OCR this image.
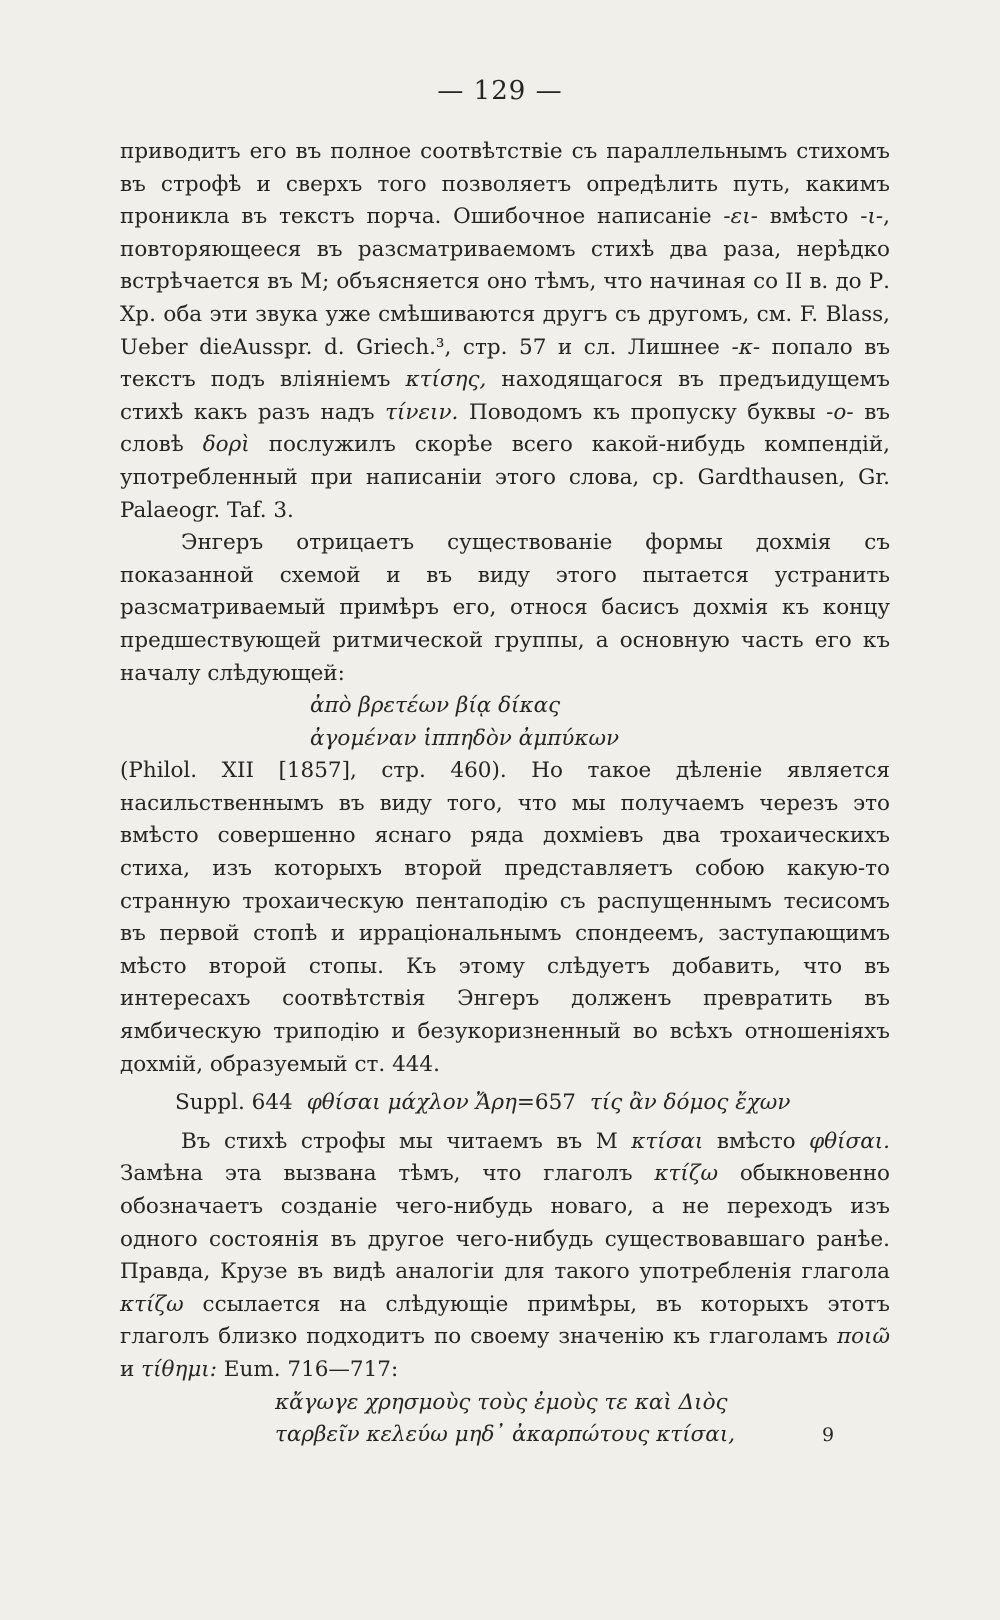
— 129 —

приводитъ его въ полное соотвѣтствіе съ параллельнымъ стихомъ въ строфѣ и сверхъ того позволяетъ опредѣлить путь, какимъ проникла въ текстъ порча. Ошибочное написаніе -ει- вмѣсто -ι-, повторяющееся въ разсматриваемомъ стихѣ два раза, нерѣдко встрѣчается въ M; объясняется оно тѣмъ, что начиная со II в. до Р. Хр. оба эти звука уже смѣшиваются другъ съ другомъ, см. F. Blass, Ueber dieAusspr. d. Griech.³, стр. 57 и сл. Лишнее -κ- попало въ текстъ подъ вліяніемъ κτίσης, находящагося въ предъидущемъ стихѣ какъ разъ надъ τίνειν. Поводомъ къ пропуску буквы -ο- въ словѣ δορὶ послужилъ скорѣе всего какой-нибудь компендій, употребленный при написаніи этого слова, ср. Gardthausen, Gr. Palaeogr. Taf. 3.

Энгеръ отрицаетъ существованіе формы дохмія съ показанной схемой и въ виду этого пытается устранить разсматриваемый примѣръ его, относя басисъ дохмія къ концу предшествующей ритмической группы, а основную часть его къ началу слѣдующей:

ἀπὸ βρετέων βίᾳ δίκας

ἀγομέναν ἱππηδὸν ἀμπύκων

(Philol. XII [1857], стр. 460). Но такое дѣленіе является насильственнымъ въ виду того, что мы получаемъ черезъ это вмѣсто совершенно яснаго ряда дохміевъ два трохаическихъ стиха, изъ которыхъ второй представляетъ собою какую-то странную трохаическую пентаподію съ распущеннымъ тесисомъ въ первой стопѣ и ирраціональнымъ спондеемъ, заступающимъ мѣсто второй стопы. Къ этому слѣдуетъ добавить, что въ интересахъ соотвѣтствія Энгеръ долженъ превратить въ ямбическую триподію и безукоризненный во всѣхъ отношеніяхъ дохмій, образуемый ст. 444.

Suppl. 644 φθίσαι μάχλον Ἄρη=657 τίς ἂν δόμος ἔχων

Въ стихѣ строфы мы читаемъ въ M κτίσαι вмѣсто φθίσαι. Замѣна эта вызвана тѣмъ, что глаголъ κτίζω обыкновенно обозначаетъ созданіе чего-нибудь новаго, а не переходъ изъ одного состоянія въ другое чего-нибудь существовавшаго ранѣе. Правда, Крузе въ видѣ аналогіи для такого употребленія глагола κτίζω ссылается на слѣдующіе примѣры, въ которыхъ этотъ глаголъ близко подходитъ по своему значенію къ глаголамъ ποιῶ и τίθημι: Eum. 716—717:

κἄγωγε χρησμοὺς τοὺς ἐμοὺς τε καὶ Διὸς

ταρβεῖν κελεύω μηδ᾽ ἀκαρπώτους κτίσαι,	9
